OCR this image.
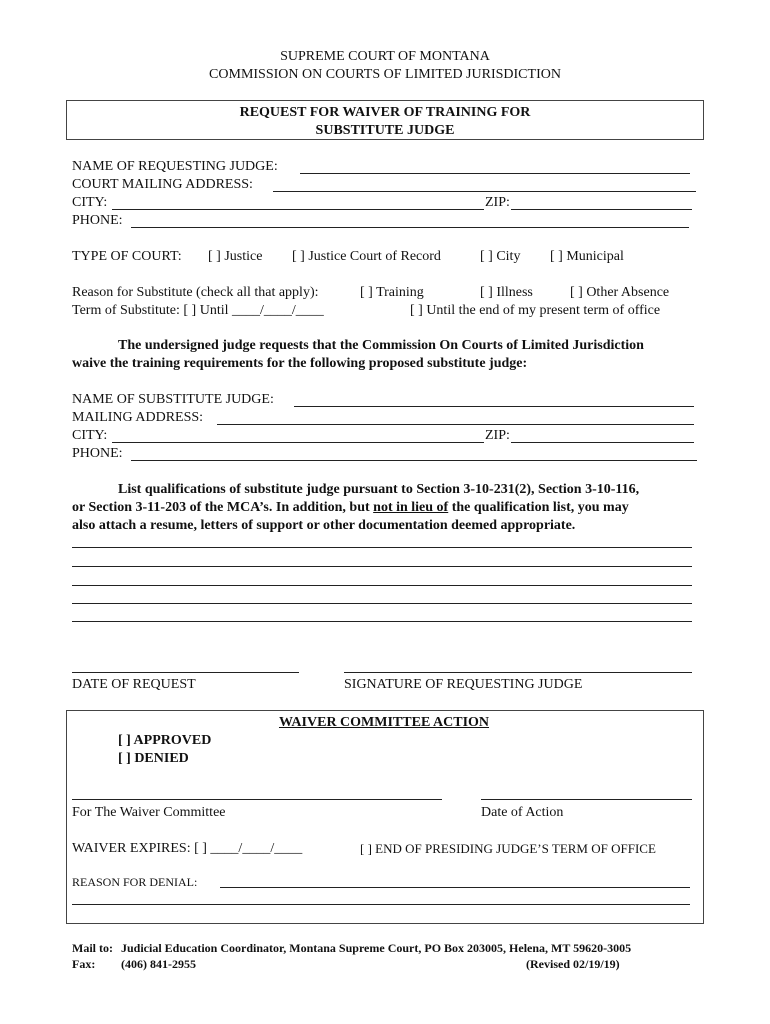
SUPREME COURT OF MONTANA
COMMISSION ON COURTS OF LIMITED JURISDICTION
REQUEST FOR WAIVER OF TRAINING FOR
SUBSTITUTE JUDGE
NAME OF REQUESTING JUDGE:
COURT MAILING ADDRESS:
CITY:	ZIP:
PHONE:
TYPE OF COURT: [ ] Justice [ ] Justice Court of Record	[ ] City [ ] Municipal
Reason for Substitute (check all that apply):	[ ] Training	[ ] Illness	[ ] Other Absence
Term of Substitute: [ ] Until ____/____/____	[ ] Until the end of my present term of office
The undersigned judge requests that the Commission On Courts of Limited Jurisdiction
waive the training requirements for the following proposed substitute judge:
NAME OF SUBSTITUTE JUDGE:
MAILING ADDRESS:
CITY:	ZIP:
PHONE:
List qualifications of substitute judge pursuant to Section 3-10-231(2), Section 3-10-116,
or Section 3-11-203 of the MCA’s. In addition, but not in lieu of the qualification list, you may
also attach a resume, letters of support or other documentation deemed appropriate.
DATE OF REQUEST	SIGNATURE OF REQUESTING JUDGE
WAIVER COMMITTEE ACTION
[ ] APPROVED
[ ] DENIED
For The Waiver Committee	Date of Action
WAIVER EXPIRES: [ ] ____/____/____	[ ] END OF PRESIDING JUDGE’S TERM OF OFFICE
REASON FOR DENIAL:
Mail to: Judicial Education Coordinator, Montana Supreme Court, PO Box 203005, Helena, MT 59620-3005
Fax: (406) 841-2955	(Revised 02/19/19)
